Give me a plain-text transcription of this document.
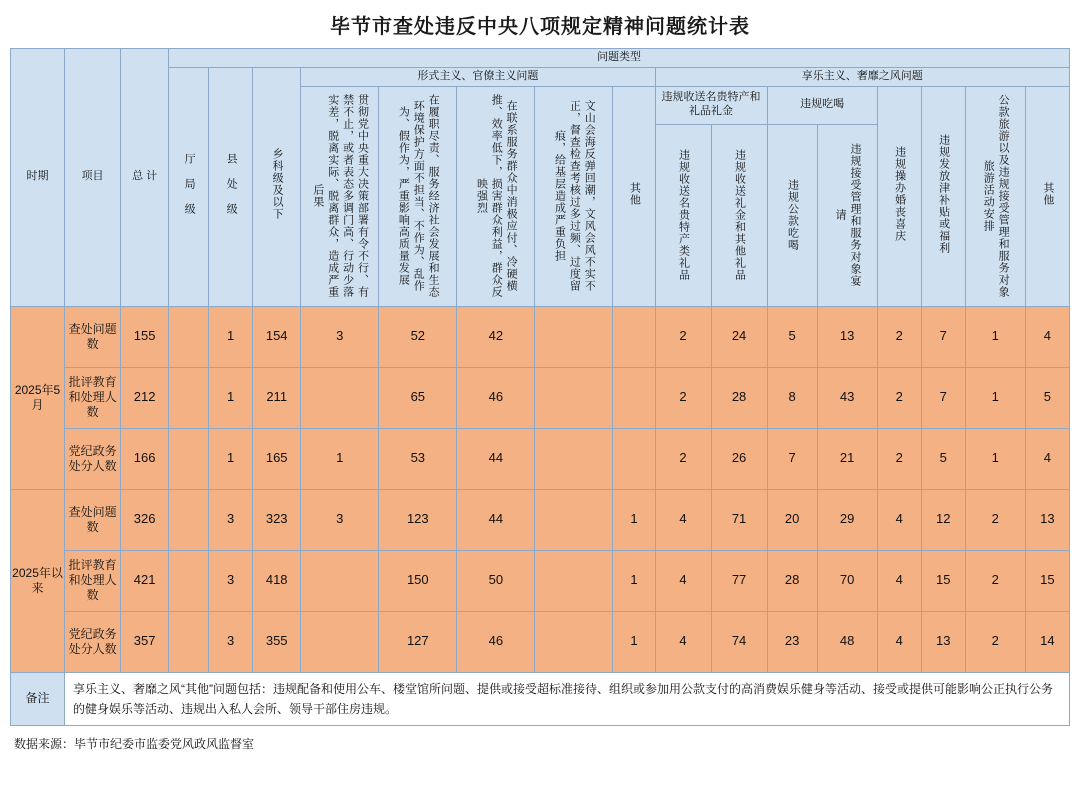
毕节市查处违反中央八项规定精神问题统计表
时期	项目	总 计	问题类型															
			厅 局 级	县 处 级	乡科级及以下	形式主义、官僚主义问题					享乐主义、奢靡之风问题							

						贯彻党中央重大决策部署有令不行、有禁不止，或者表态多调门高、行动少落实差，脱离实际、脱离群众，造成严重后果	在履职尽责、服务经济社会发展和生态环境保护方面不担当、不作为、乱作为、假作为，严重影响高质量发展	在联系服务群众中消极应付、冷硬横推、效率低下，损害群众利益，群众反映强烈	文山会海反弹回潮，文风会风不实不正，督查检查考核过多过频、过度留痕，给基层造成严重负担	其他	违规收送名贵特产和礼品礼金		违规吃喝		违规操办婚丧喜庆	违规发放津补贴或福利	公款旅游以及违规接受管理和服务对象旅游活动安排	其他

											违规收送名贵特产类礼品	违规收送礼金和其他礼品	违规公款吃喝	违规接受管理和服务对象宴请				

2025年5月	查处问题数	155		1	154	3	52	42			2	24	5	13	2	7	1	4
	批评教育和处理人数	212		1	211		65	46			2	28	8	43	2	7	1	5
	党纪政务处分人数	166		1	165	1	53	44			2	26	7	21	2	5	1	4
2025年以来	查处问题数	326		3	323	3	123	44		1	4	71	20	29	4	12	2	13
	批评教育和处理人数	421		3	418		150	50		1	4	77	28	70	4	15	2	15
	党纪政务处分人数	357		3	355		127	46		1	4	74	23	48	4	13	2	14
备注	享乐主义、奢靡之风“其他”问题包括：违规配备和使用公车、楼堂馆所问题、提供或接受超标准接待、组织或参加用公款支付的高消费娱乐健身等活动、接受或提供可能影响公正执行公务的健身娱乐等活动、违规出入私人会所、领导干部住房违规。																	
数据来源：毕节市纪委市监委党风政风监督室
